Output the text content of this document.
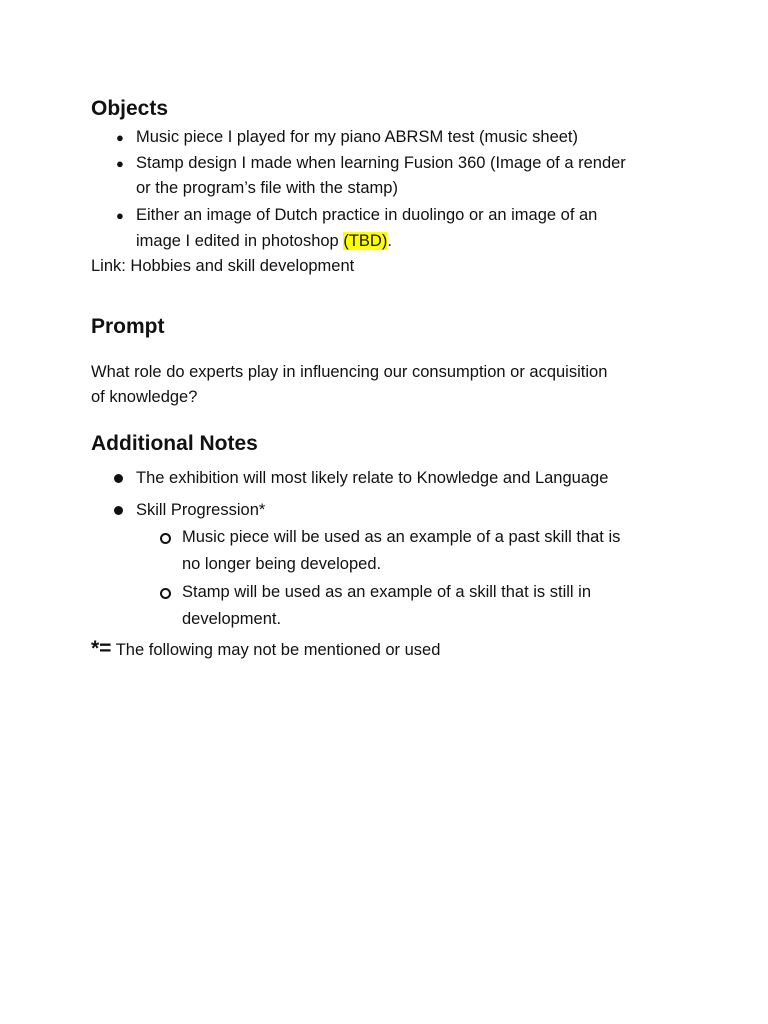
Objects
● Music piece I played for my piano ABRSM test (music sheet)
● Stamp design I made when learning Fusion 360 (Image of a render
or the program’s file with the stamp)
● Either an image of Dutch practice in duolingo or an image of an
image I edited in photoshop (TBD).

Link: Hobbies and skill development

Prompt

What role do experts play in influencing our consumption or acquisition

of knowledge?

Additional Notes

The exhibition will most likely relate to Knowledge and Language

Skill Progression*

Music piece will be used as an example of a past skill that is

no longer being developed.

Stamp will be used as an example of a skill that is still in

development.

*= The following may not be mentioned or used
